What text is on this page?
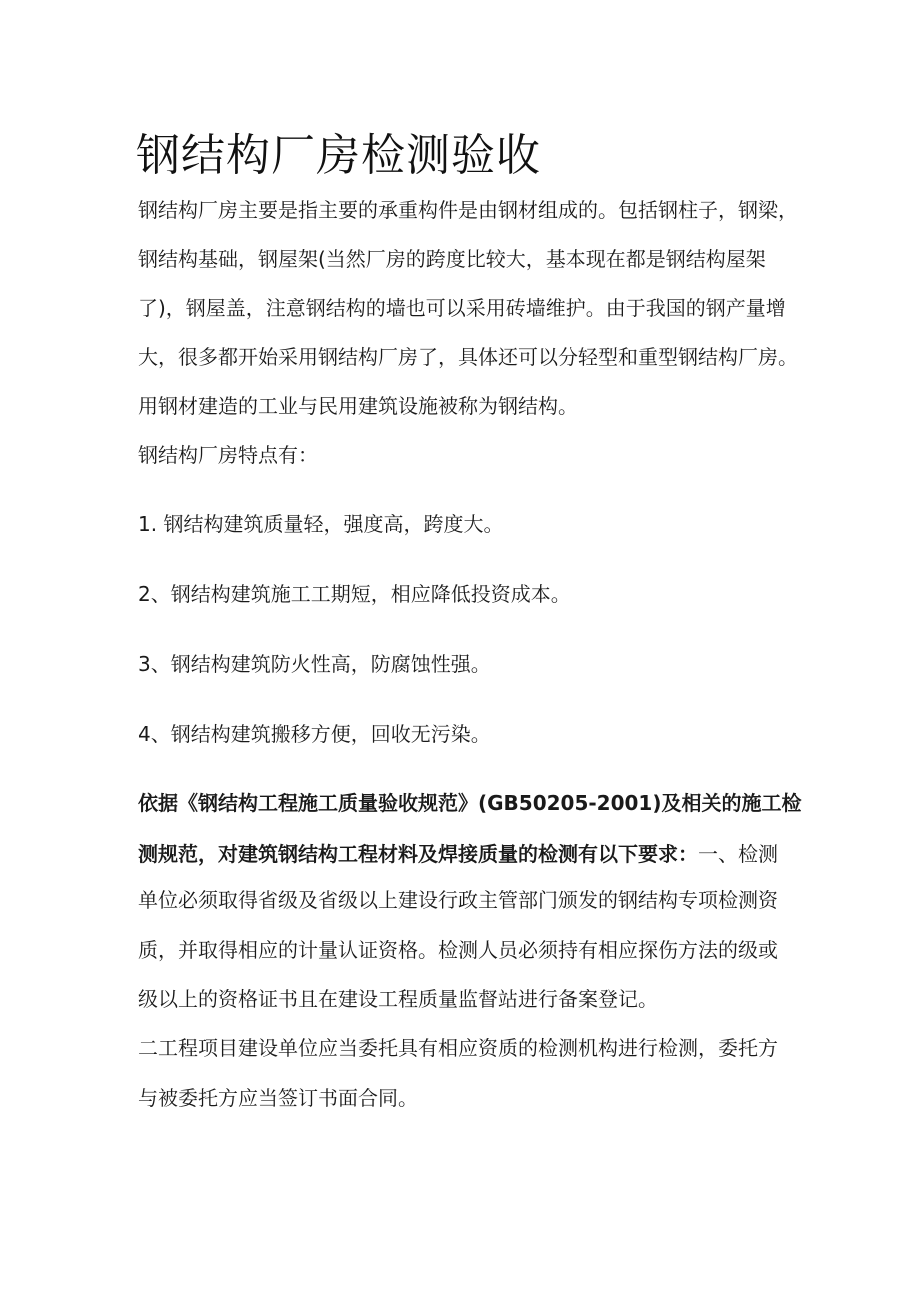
钢结构厂房检测验收

钢结构厂房主要是指主要的承重构件是由钢材组成的。包括钢柱子，钢梁，

钢结构基础，钢屋架(当然厂房的跨度比较大，基本现在都是钢结构屋架

了)，钢屋盖，注意钢结构的墙也可以采用砖墙维护。由于我国的钢产量增

大，很多都开始采用钢结构厂房了，具体还可以分轻型和重型钢结构厂房。

用钢材建造的工业与民用建筑设施被称为钢结构。

钢结构厂房特点有：

1. 钢结构建筑质量轻，强度高，跨度大。

2、钢结构建筑施工工期短，相应降低投资成本。

3、钢结构建筑防火性高，防腐蚀性强。

4、钢结构建筑搬移方便，回收无污染。

依据《钢结构工程施工质量验收规范》(GB50205-2001)及相关的施工检

测规范，对建筑钢结构工程材料及焊接质量的检测有以下要求：一、检测

单位必须取得省级及省级以上建设行政主管部门颁发的钢结构专项检测资

质，并取得相应的计量认证资格。检测人员必须持有相应探伤方法的级或

级以上的资格证书且在建设工程质量监督站进行备案登记。

二工程项目建设单位应当委托具有相应资质的检测机构进行检测，委托方

与被委托方应当签订书面合同。
